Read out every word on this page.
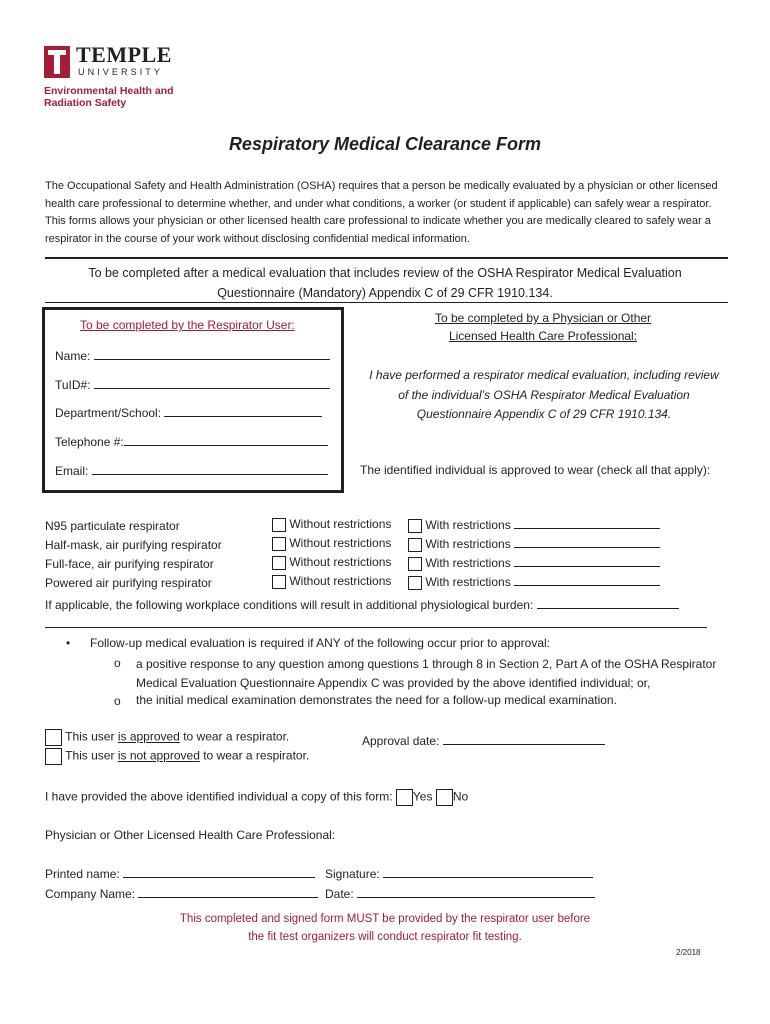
TEMPLE
UNIVERSITY
Environmental Health and
Radiation Safety
Respiratory Medical Clearance Form
The Occupational Safety and Health Administration (OSHA) requires that a person be medically evaluated by a physician or other licensed health care professional to determine whether, and under what conditions, a worker (or student if applicable) can safely wear a respirator. This forms allows your physician or other licensed health care professional to indicate whether you are medically cleared to safely wear a respirator in the course of your work without disclosing confidential medical information.
To be completed after a medical evaluation that includes review of the OSHA Respirator Medical Evaluation
Questionnaire (Mandatory) Appendix C of 29 CFR 1910.134.
To be completed by the Respirator User:
Name:
TuID#:
Department/School:
Telephone #:
Email:
To be completed by a Physician or Other
Licensed Health Care Professional:
I have performed a respirator medical evaluation, including review
of the individual’s OSHA Respirator Medical Evaluation
Questionnaire Appendix C of 29 CFR 1910.134.
The identified individual is approved to wear (check all that apply):
N95 particulate respirator	Without restrictions	With restrictions
Half-mask, air purifying respirator	Without restrictions	With restrictions
Full-face, air purifying respirator	Without restrictions	With restrictions
Powered air purifying respirator	Without restrictions	With restrictions
If applicable, the following workplace conditions will result in additional physiological burden:
• Follow-up medical evaluation is required if ANY of the following occur prior to approval:
o a positive response to any question among questions 1 through 8 in Section 2, Part A of the OSHA Respirator
Medical Evaluation Questionnaire Appendix C was provided by the above identified individual; or,
o the initial medical examination demonstrates the need for a follow-up medical examination.
This user is approved to wear a respirator.
This user is not approved to wear a respirator.
Approval date:
I have provided the above identified individual a copy of this form: Yes No
Physician or Other Licensed Health Care Professional:
Printed name:	Signature:
Company Name:	Date:
This completed and signed form MUST be provided by the respirator user before
the fit test organizers will conduct respirator fit testing.
2/2018
